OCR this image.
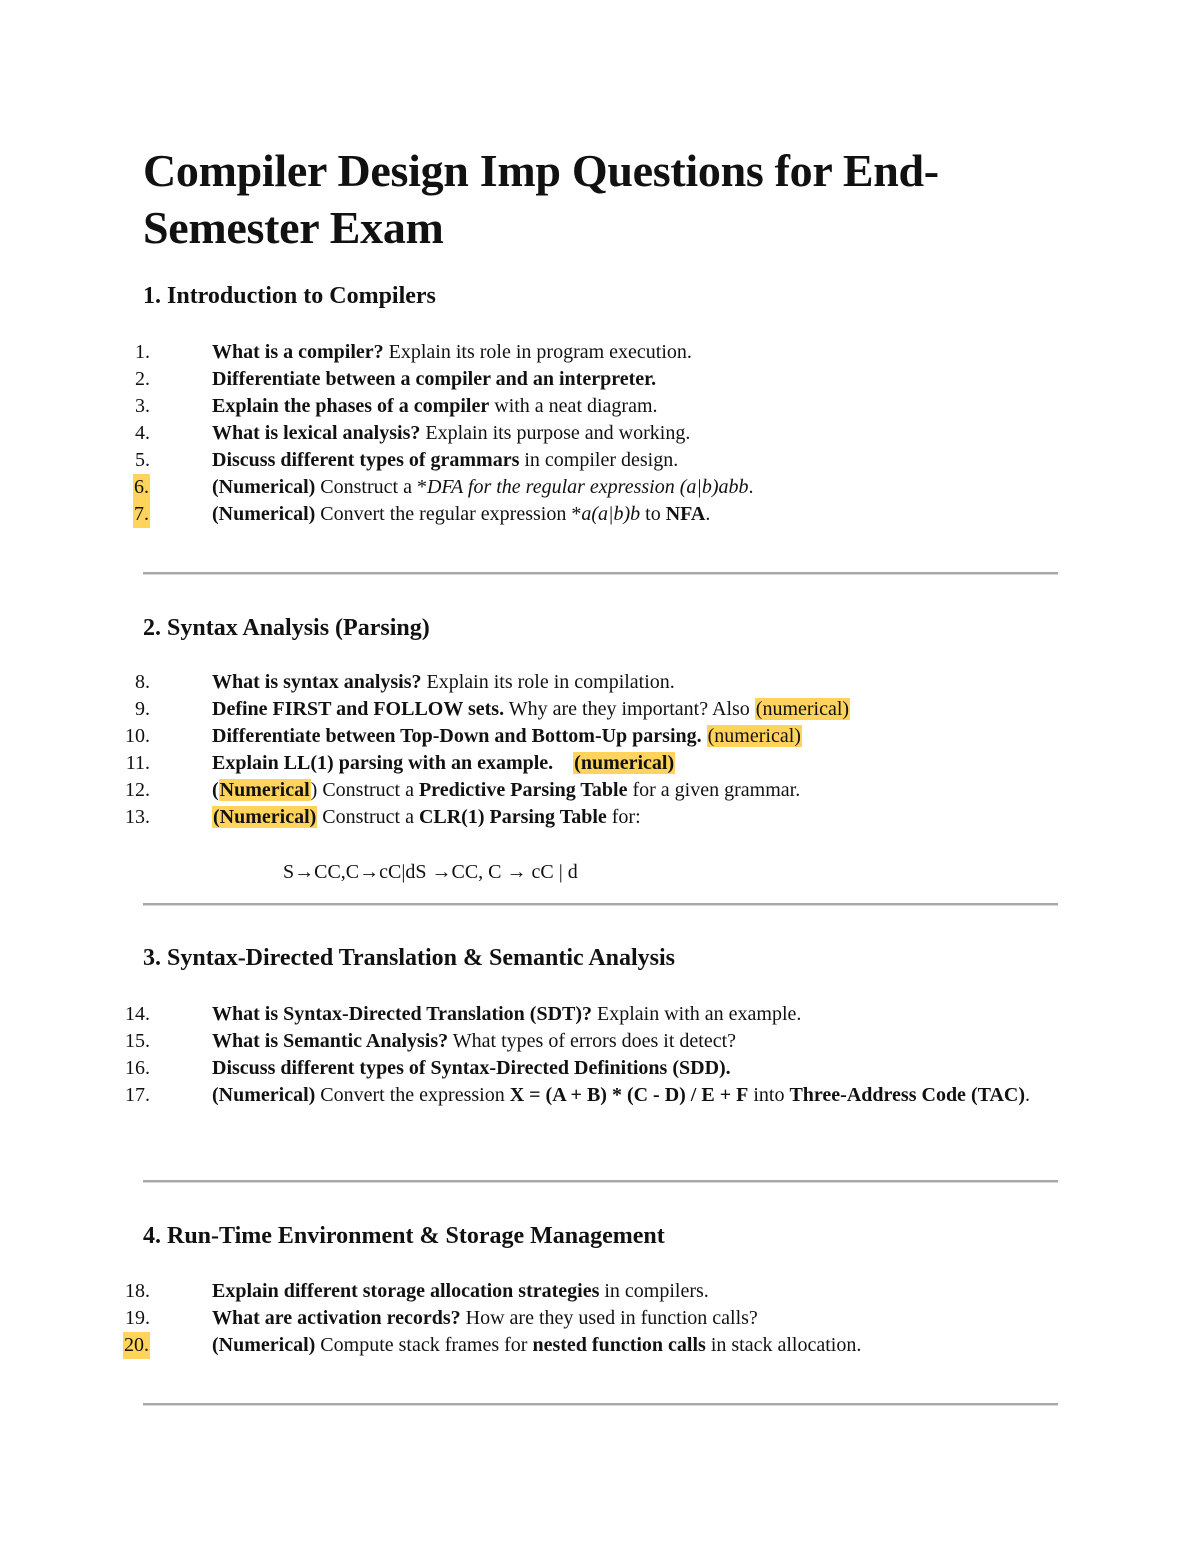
Compiler Design Imp Questions for End-Semester Exam
1. Introduction to Compilers
1.	What is a compiler? Explain its role in program execution.
2.	Differentiate between a compiler and an interpreter.
3.	Explain the phases of a compiler with a neat diagram.
4.	What is lexical analysis? Explain its purpose and working.
5.	Discuss different types of grammars in compiler design.
6.	(Numerical) Construct a *DFA for the regular expression (a|b)abb.
7.	(Numerical) Convert the regular expression *a(a|b)b to NFA.
2. Syntax Analysis (Parsing)
8.	What is syntax analysis? Explain its role in compilation.
9.	Define FIRST and FOLLOW sets. Why are they important? Also (numerical)
10.	Differentiate between Top-Down and Bottom-Up parsing. (numerical)
11.	Explain LL(1) parsing with an example. (numerical)
12.	(Numerical) Construct a Predictive Parsing Table for a given grammar.
13.	(Numerical) Construct a CLR(1) Parsing Table for:
S→CC,C→cC|dS →CC, C → cC | d
3. Syntax-Directed Translation & Semantic Analysis
14.	What is Syntax-Directed Translation (SDT)? Explain with an example.
15.	What is Semantic Analysis? What types of errors does it detect?
16.	Discuss different types of Syntax-Directed Definitions (SDD).
17.	(Numerical) Convert the expression X = (A + B) * (C - D) / E + F into Three-Address Code (TAC).
4. Run-Time Environment & Storage Management
18.	Explain different storage allocation strategies in compilers.
19.	What are activation records? How are they used in function calls?
20.	(Numerical) Compute stack frames for nested function calls in stack allocation.
